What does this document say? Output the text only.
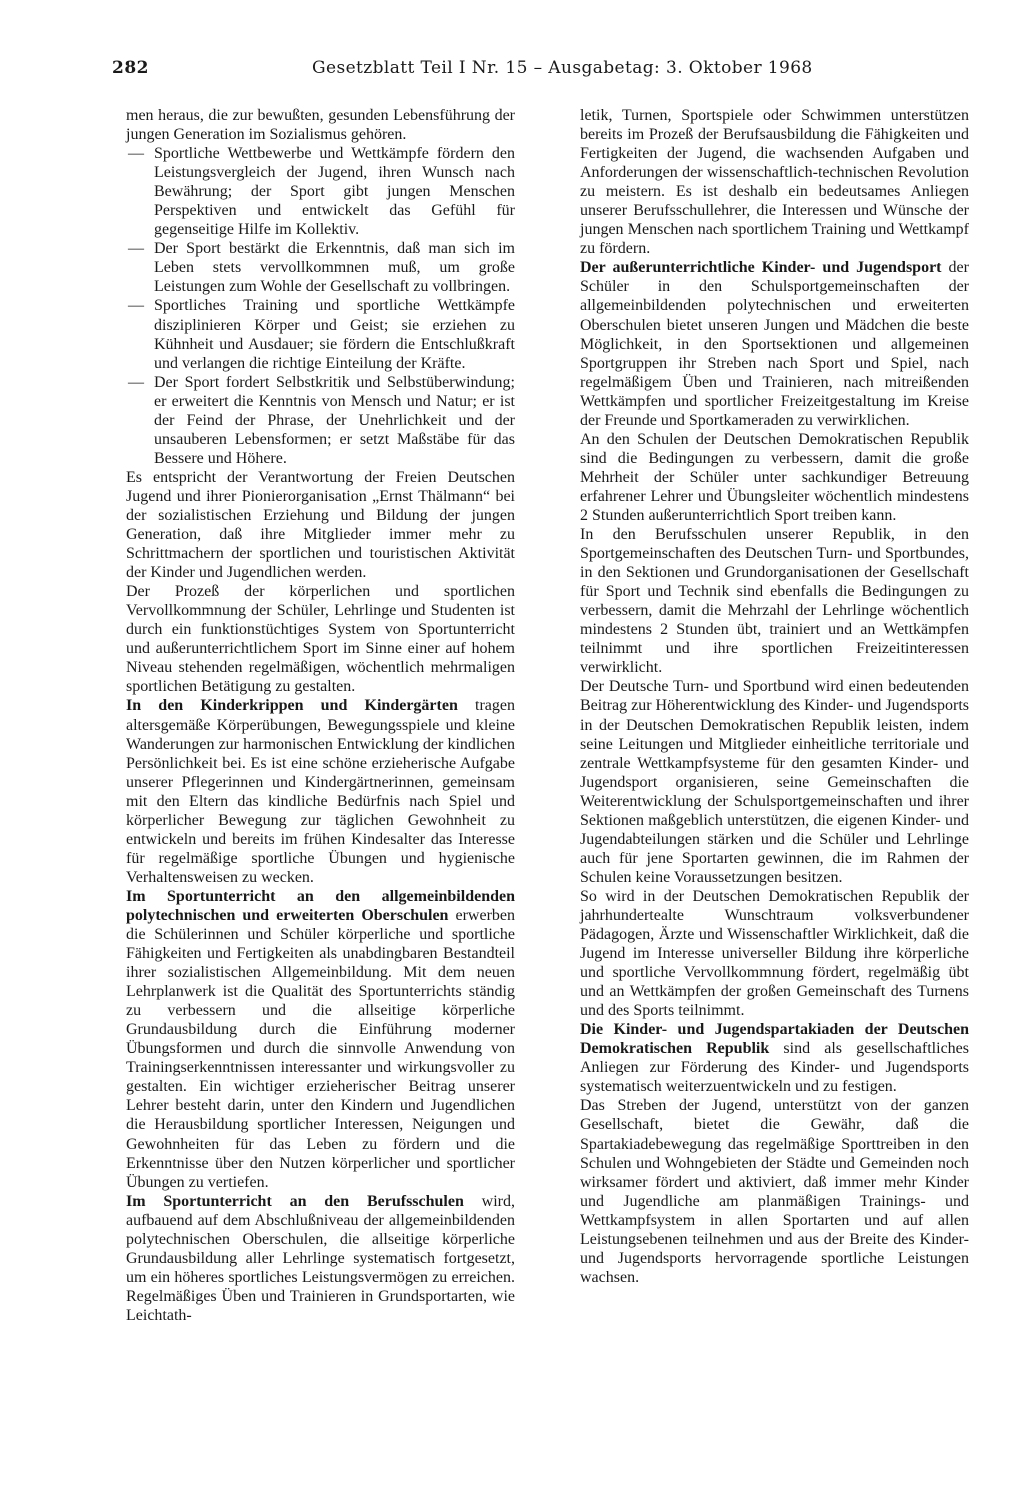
282	Gesetzblatt Teil I Nr. 15 – Ausgabetag: 3. Oktober 1968

men heraus, die zur bewußten, gesunden Lebensführung der jungen Generation im Sozialismus gehören.

— Sportliche Wettbewerbe und Wettkämpfe fördern den Leistungsvergleich der Jugend, ihren Wunsch nach Bewährung; der Sport gibt jungen Menschen Perspektiven und entwickelt das Gefühl für gegenseitige Hilfe im Kollektiv.
— Der Sport bestärkt die Erkenntnis, daß man sich im Leben stets vervollkommnen muß, um große Leistungen zum Wohle der Gesellschaft zu vollbringen.
— Sportliches Training und sportliche Wettkämpfe disziplinieren Körper und Geist; sie erziehen zu Kühnheit und Ausdauer; sie fördern die Entschlußkraft und verlangen die richtige Einteilung der Kräfte.
— Der Sport fordert Selbstkritik und Selbstüberwindung; er erweitert die Kenntnis von Mensch und Natur; er ist der Feind der Phrase, der Unehrlichkeit und der unsauberen Lebensformen; er setzt Maßstäbe für das Bessere und Höhere.

Es entspricht der Verantwortung der Freien Deutschen Jugend und ihrer Pionierorganisation „Ernst Thälmann“ bei der sozialistischen Erziehung und Bildung der jungen Generation, daß ihre Mitglieder immer mehr zu Schrittmachern der sportlichen und touristischen Aktivität der Kinder und Jugendlichen werden.

Der Prozeß der körperlichen und sportlichen Vervollkommnung der Schüler, Lehrlinge und Studenten ist durch ein funktionstüchtiges System von Sportunterricht und außerunterrichtlichem Sport im Sinne einer auf hohem Niveau stehenden regelmäßigen, wöchentlich mehrmaligen sportlichen Betätigung zu gestalten.

In den Kinderkrippen und Kindergärten tragen altersgemäße Körperübungen, Bewegungsspiele und kleine Wanderungen zur harmonischen Entwicklung der kindlichen Persönlichkeit bei. Es ist eine schöne erzieherische Aufgabe unserer Pflegerinnen und Kindergärtnerinnen, gemeinsam mit den Eltern das kindliche Bedürfnis nach Spiel und körperlicher Bewegung zur täglichen Gewohnheit zu entwickeln und bereits im frühen Kindesalter das Interesse für regelmäßige sportliche Übungen und hygienische Verhaltensweisen zu wecken.

Im Sportunterricht an den allgemeinbildenden polytechnischen und erweiterten Oberschulen erwerben die Schülerinnen und Schüler körperliche und sportliche Fähigkeiten und Fertigkeiten als unabdingbaren Bestandteil ihrer sozialistischen Allgemeinbildung. Mit dem neuen Lehrplanwerk ist die Qualität des Sportunterrichts ständig zu verbessern und die allseitige körperliche Grundausbildung durch die Einführung moderner Übungsformen und durch die sinnvolle Anwendung von Trainingserkenntnissen interessanter und wirkungsvoller zu gestalten. Ein wichtiger erzieherischer Beitrag unserer Lehrer besteht darin, unter den Kindern und Jugendlichen die Herausbildung sportlicher Interessen, Neigungen und Gewohnheiten für das Leben zu fördern und die Erkenntnisse über den Nutzen körperlicher und sportlicher Übungen zu vertiefen.

Im Sportunterricht an den Berufsschulen wird, aufbauend auf dem Abschlußniveau der allgemeinbildenden polytechnischen Oberschulen, die allseitige körperliche Grundausbildung aller Lehrlinge systematisch fortgesetzt, um ein höheres sportliches Leistungsvermögen zu erreichen. Regelmäßiges Üben und Trainieren in Grundsportarten, wie Leichtath-

letik, Turnen, Sportspiele oder Schwimmen unterstützen bereits im Prozeß der Berufsausbildung die Fähigkeiten und Fertigkeiten der Jugend, die wachsenden Aufgaben und Anforderungen der wissenschaftlich-technischen Revolution zu meistern. Es ist deshalb ein bedeutsames Anliegen unserer Berufsschullehrer, die Interessen und Wünsche der jungen Menschen nach sportlichem Training und Wettkampf zu fördern.

Der außerunterrichtliche Kinder- und Jugendsport der Schüler in den Schulsportgemeinschaften der allgemeinbildenden polytechnischen und erweiterten Oberschulen bietet unseren Jungen und Mädchen die beste Möglichkeit, in den Sportsektionen und allgemeinen Sportgruppen ihr Streben nach Sport und Spiel, nach regelmäßigem Üben und Trainieren, nach mitreißenden Wettkämpfen und sportlicher Freizeitgestaltung im Kreise der Freunde und Sportkameraden zu verwirklichen.

An den Schulen der Deutschen Demokratischen Republik sind die Bedingungen zu verbessern, damit die große Mehrheit der Schüler unter sachkundiger Betreuung erfahrener Lehrer und Übungsleiter wöchentlich mindestens 2 Stunden außerunterrichtlich Sport treiben kann.

In den Berufsschulen unserer Republik, in den Sportgemeinschaften des Deutschen Turn- und Sportbundes, in den Sektionen und Grundorganisationen der Gesellschaft für Sport und Technik sind ebenfalls die Bedingungen zu verbessern, damit die Mehrzahl der Lehrlinge wöchentlich mindestens 2 Stunden übt, trainiert und an Wettkämpfen teilnimmt und ihre sportlichen Freizeitinteressen verwirklicht.

Der Deutsche Turn- und Sportbund wird einen bedeutenden Beitrag zur Höherentwicklung des Kinder- und Jugendsports in der Deutschen Demokratischen Republik leisten, indem seine Leitungen und Mitglieder einheitliche territoriale und zentrale Wettkampfsysteme für den gesamten Kinder- und Jugendsport organisieren, seine Gemeinschaften die Weiterentwicklung der Schulsportgemeinschaften und ihrer Sektionen maßgeblich unterstützen, die eigenen Kinder- und Jugendabteilungen stärken und die Schüler und Lehrlinge auch für jene Sportarten gewinnen, die im Rahmen der Schulen keine Voraussetzungen besitzen.

So wird in der Deutschen Demokratischen Republik der jahrhundertealte Wunschtraum volksverbundener Pädagogen, Ärzte und Wissenschaftler Wirklichkeit, daß die Jugend im Interesse universeller Bildung ihre körperliche und sportliche Vervollkommnung fördert, regelmäßig übt und an Wettkämpfen der großen Gemeinschaft des Turnens und des Sports teilnimmt.

Die Kinder- und Jugendspartakiaden der Deutschen Demokratischen Republik sind als gesellschaftliches Anliegen zur Förderung des Kinder- und Jugendsports systematisch weiterzuentwickeln und zu festigen.

Das Streben der Jugend, unterstützt von der ganzen Gesellschaft, bietet die Gewähr, daß die Spartakiadebewegung das regelmäßige Sporttreiben in den Schulen und Wohngebieten der Städte und Gemeinden noch wirksamer fördert und aktiviert, daß immer mehr Kinder und Jugendliche am planmäßigen Trainings- und Wettkampfsystem in allen Sportarten und auf allen Leistungsebenen teilnehmen und aus der Breite des Kinder- und Jugendsports hervorragende sportliche Leistungen wachsen.
